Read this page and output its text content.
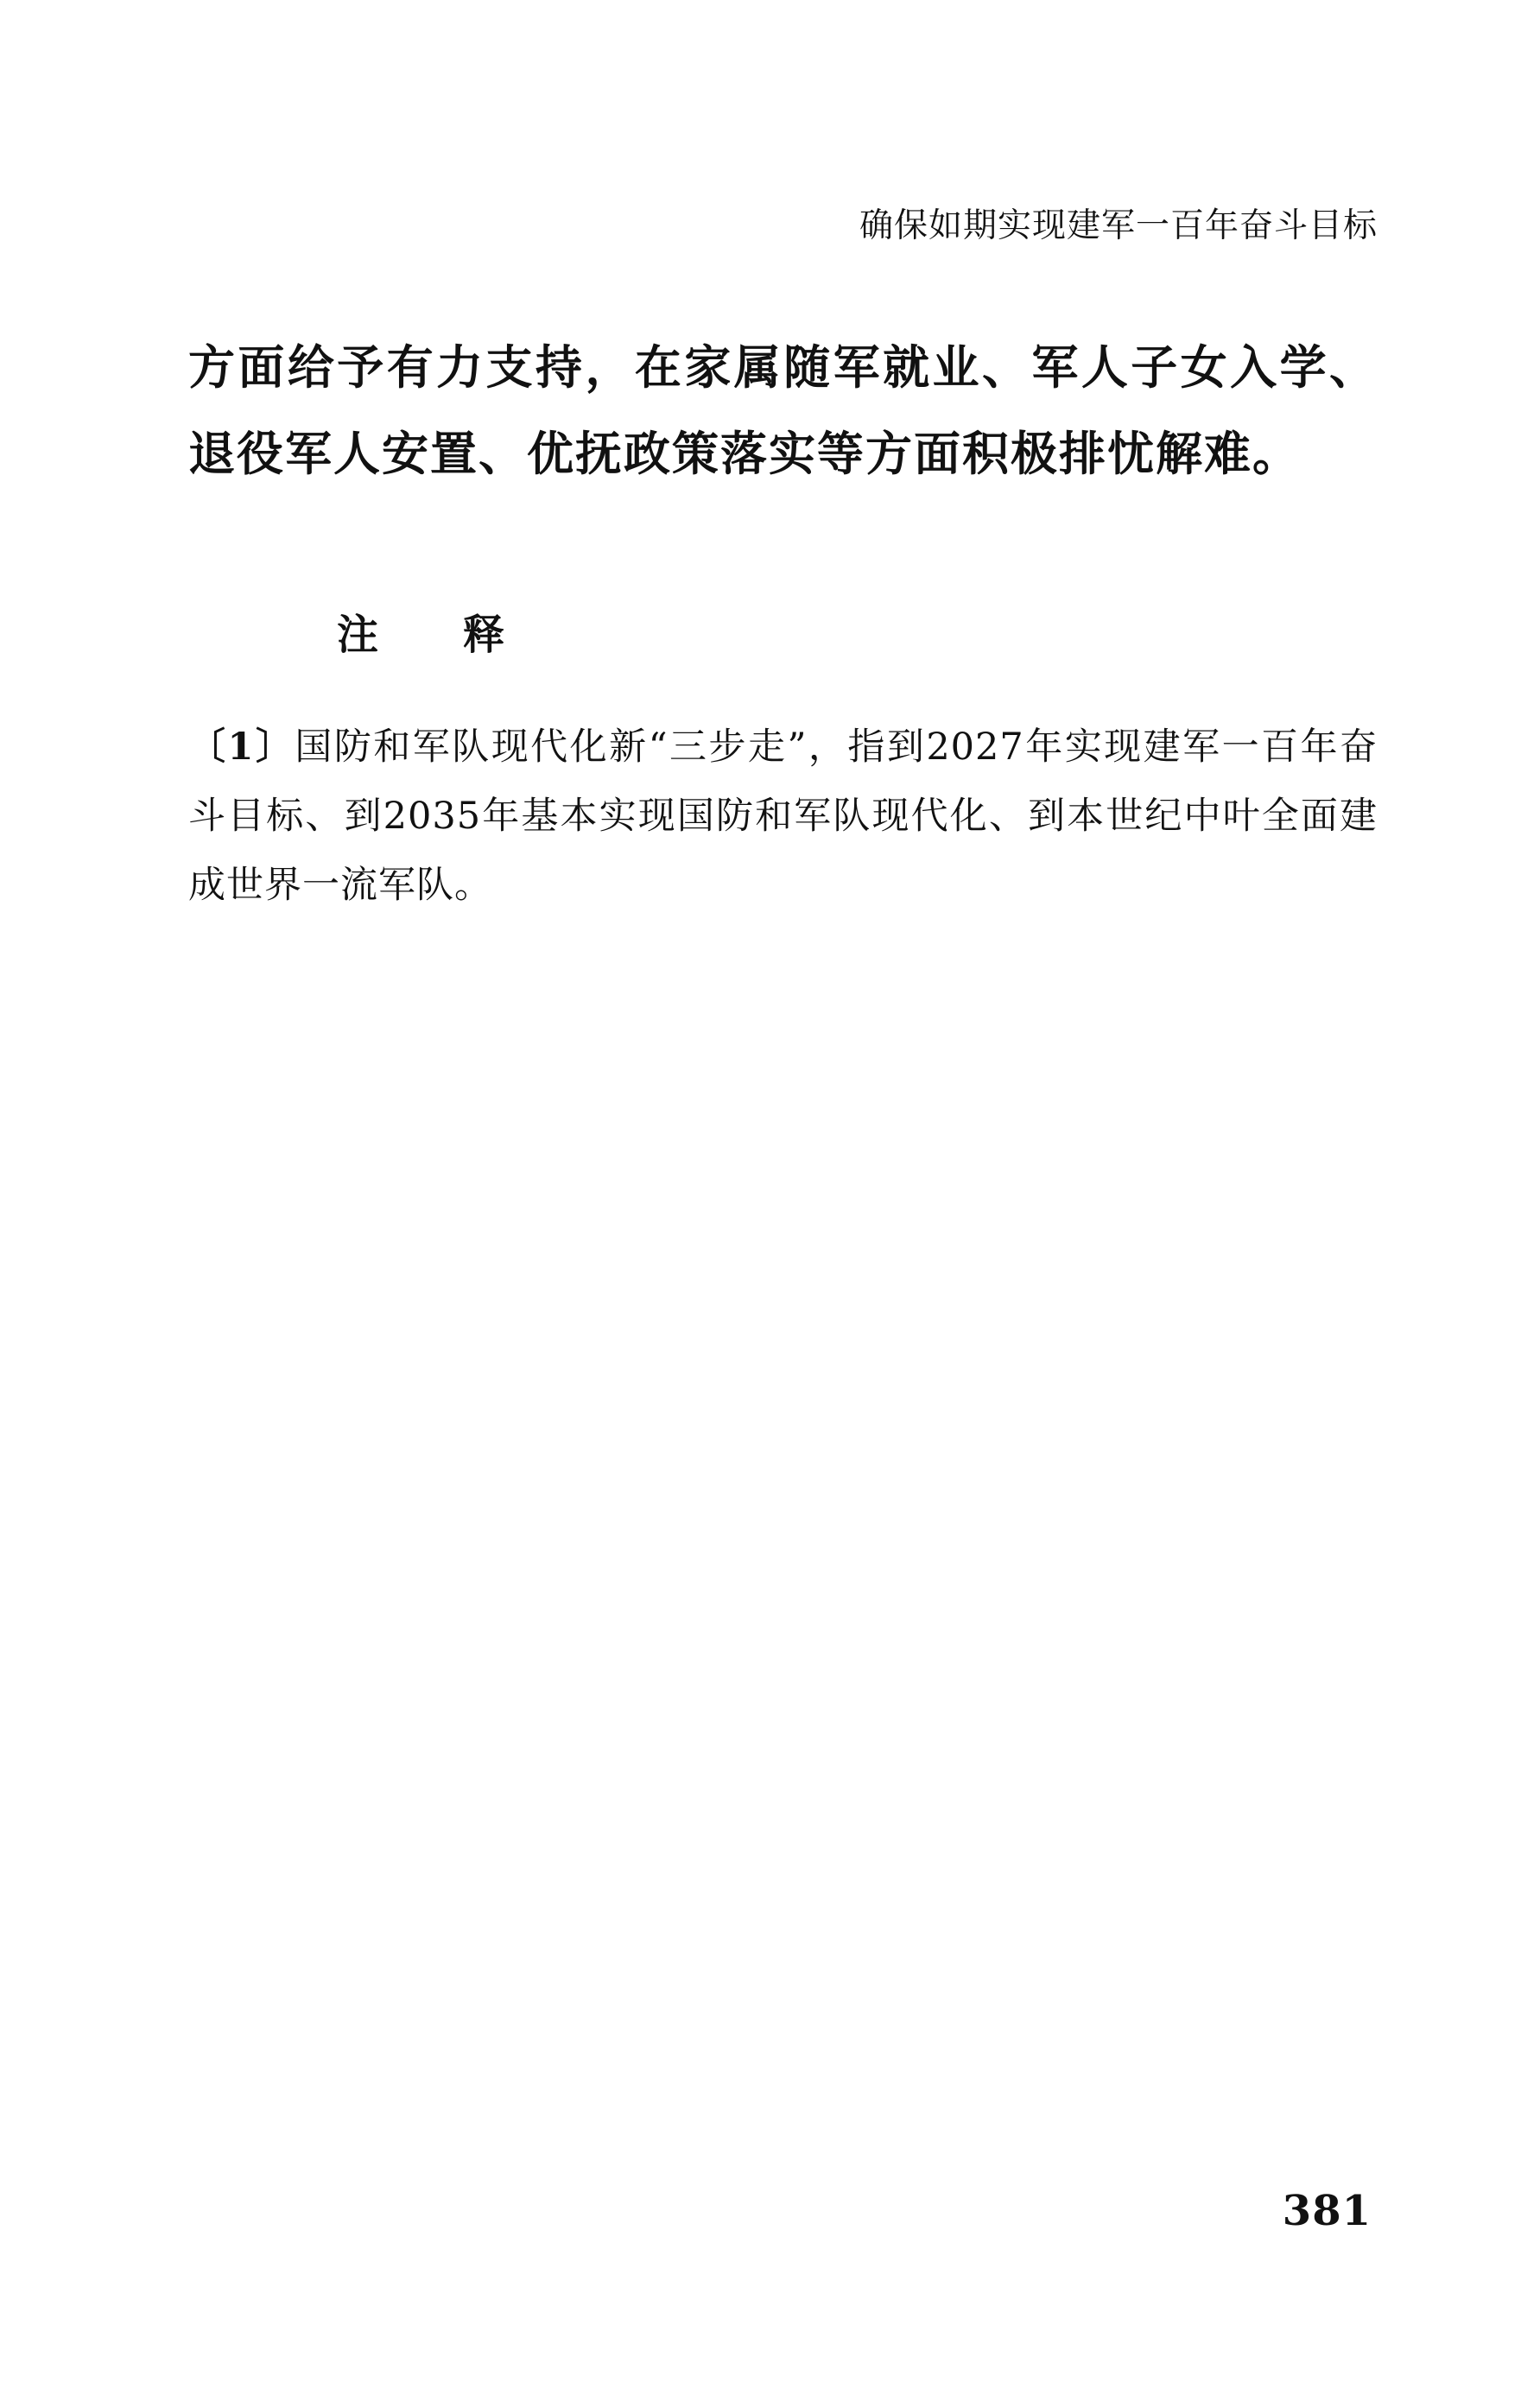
确保如期实现建军一百年奋斗目标

方面给予有力支持，在家属随军就业、军人子女入学、退役军人安置、优抚政策落实等方面积极排忧解难。

注 释

〔1〕国防和军队现代化新“三步走”，指到2027年实现建军一百年奋斗目标、到2035年基本实现国防和军队现代化、到本世纪中叶全面建成世界一流军队。

381
